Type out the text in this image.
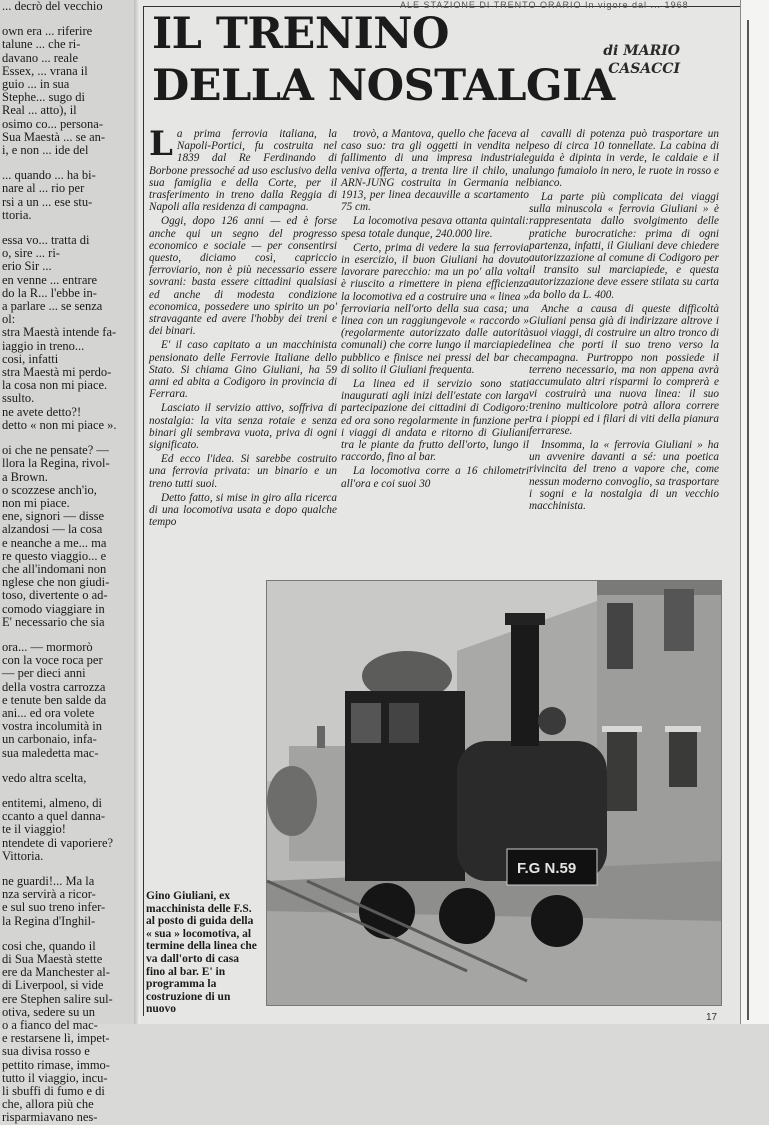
... decrò del vecchio
own era ... riferire
talune ... che ri-
davano ... reale
Essex, ... vrana il
guio ... in sua
Stephe... sugo di
Real ... atto), il
osimo co... persona-
Sua Maestà ... se an-
i, e non ... ide del
... quando ... ha bi-
nare al ... rio per
rsi a un ... ese stu-
ttoria.
essa vo... tratta di
o, sire ... ri-
erio Sir ...
en venne ... entrare
do la R... l'ebbe in-
a parlare ... se senza
ol:
stra Maestà intende fa-
iaggio in treno...
cosi, infatti
stra Maestà mi perdo-
la cosa non mi piace.
ssulto.
ne avete detto?!
detto « non mi piace ».
oi che ne pensate? —
llora la Regina, rivol-
a Brown.
o scozzese anch'io,
non mi piace.
ene, signori — disse
alzandosi — la cosa
e neanche a me... ma
re questo viaggio... e
che all'indomani non
nglese che non giudi-
toso, divertente o ad-
comodo viaggiare in
E' necessario che sia
ora... — mormorò
con la voce roca per
— per dieci anni
della vostra carrozza
e tenute ben salde da
ani... ed ora volete
vostra incolumità in
un carbonaio, infa-
sua maledetta mac-
vedo altra scelta,
entitemi, almeno, di
ccanto a quel danna-
te il viaggio!
ntendete di vaporiere?
Vittoria.
ne guardi!... Ma la
nza servirà a ricor-
e sul suo treno infer-
la Regina d'Inghil-
cosi che, quando il
di Sua Maestà stette
ere da Manchester al-
di Liverpool, si vide
ere Stephen salire sul-
otiva, sedere su un
o a fianco del mac-
e restarsene lì, impet-
sua divisa rosso e
pettito rimase, immo-
tutto il viaggio, incu-
li sbuffi di fumo e di
che, allora più che
risparmiavano nes-
ALE STAZIONE DI TRENTO ORARIO In vigore dal ... 1968
IL TRENINO
DELLA NOSTALGIA
di MARIO
CASACCI

La prima ferrovia italiana, la Napoli-Portici, fu costruita nel 1839 dal Re Ferdinando di Borbone pressoché ad uso esclusivo della sua famiglia e della Corte, per il trasferimento in treno dalla Reggia di Napoli alla residenza di campagna.

Oggi, dopo 126 anni — ed è forse anche qui un segno del progresso economico e sociale — per consentirsi questo, diciamo così, capriccio ferroviario, non è più necessario essere sovrani: basta essere cittadini qualsiasi ed anche di modesta condizione economica, possedere uno spirito un po' stravagante ed avere l'hobby dei treni e dei binari.

E' il caso capitato a un macchinista pensionato delle Ferrovie Italiane dello Stato. Si chiama Gino Giuliani, ha 59 anni ed abita a Codigoro in provincia di Ferrara.

Lasciato il servizio attivo, soffriva di nostalgia: la vita senza rotaie e senza binari gli sembrava vuota, priva di ogni significato.

Ed ecco l'idea. Si sarebbe costruito una ferrovia privata: un binario e un treno tutti suoi.

Detto fatto, si mise in giro alla ricerca di una locomotiva usata e dopo qualche tempo

trovò, a Mantova, quello che faceva al caso suo: tra gli oggetti in vendita nel fallimento di una impresa industriale veniva offerta, a trenta lire il chilo, una ARN-JUNG costruita in Germania nel 1913, per linea decauville a scartamento 75 cm.

La locomotiva pesava ottanta quintali: spesa totale dunque, 240.000 lire.

Certo, prima di vedere la sua ferrovia in esercizio, il buon Giuliani ha dovuto lavorare parecchio: ma un po' alla volta è riuscito a rimettere in piena efficienza la locomotiva ed a costruire una « linea » ferroviaria nell'orto della sua casa; una linea con un raggiungevole « raccordo » (regolarmente autorizzato dalle autorità comunali) che corre lungo il marciapiede pubblico e finisce nei pressi del bar che di solito il Giuliani frequenta.

La linea ed il servizio sono stati inaugurati agli inizi dell'estate con larga partecipazione dei cittadini di Codigoro: ed ora sono regolarmente in funzione per i viaggi di andata e ritorno di Giuliani tra le piante da frutto dell'orto, lungo il raccordo, fino al bar.

La locomotiva corre a 16 chilometri all'ora e coi suoi 30

cavalli di potenza può trasportare un peso di circa 10 tonnellate. La cabina di guida è dipinta in verde, le caldaie e il lungo fumaiolo in nero, le ruote in rosso e bianco.

La parte più complicata dei viaggi sulla minuscola « ferrovia Giuliani » è rappresentata dallo svolgimento delle pratiche burocratiche: prima di ogni partenza, infatti, il Giuliani deve chiedere autorizzazione al comune di Codigoro per il transito sul marciapiede, e questa autorizzazione deve essere stilata su carta da bollo da L. 400.

Anche a causa di queste difficoltà Giuliani pensa già di indirizzare altrove i suoi viaggi, di costruire un altro tronco di linea che porti il suo treno verso la campagna. Purtroppo non possiede il terreno necessario, ma non appena avrà accumulato altri risparmi lo comprerà e vi costruirà una nuova linea: il suo trenino multicolore potrà allora correre tra i pioppi ed i filari di viti della pianura ferrarese.

Insomma, la « ferrovia Giuliani » ha un avvenire davanti a sé: una poetica rivincita del treno a vapore che, come nessun moderno convoglio, sa trasportare i sogni e la nostalgia di un vecchio macchinista.

F.G N.59
Gino Giuliani, ex macchinista delle F.S. al posto di guida della « sua » locomotiva, al termine della linea che va dall'orto di casa fino al bar. E' in programma la costruzione di un nuovo
17
